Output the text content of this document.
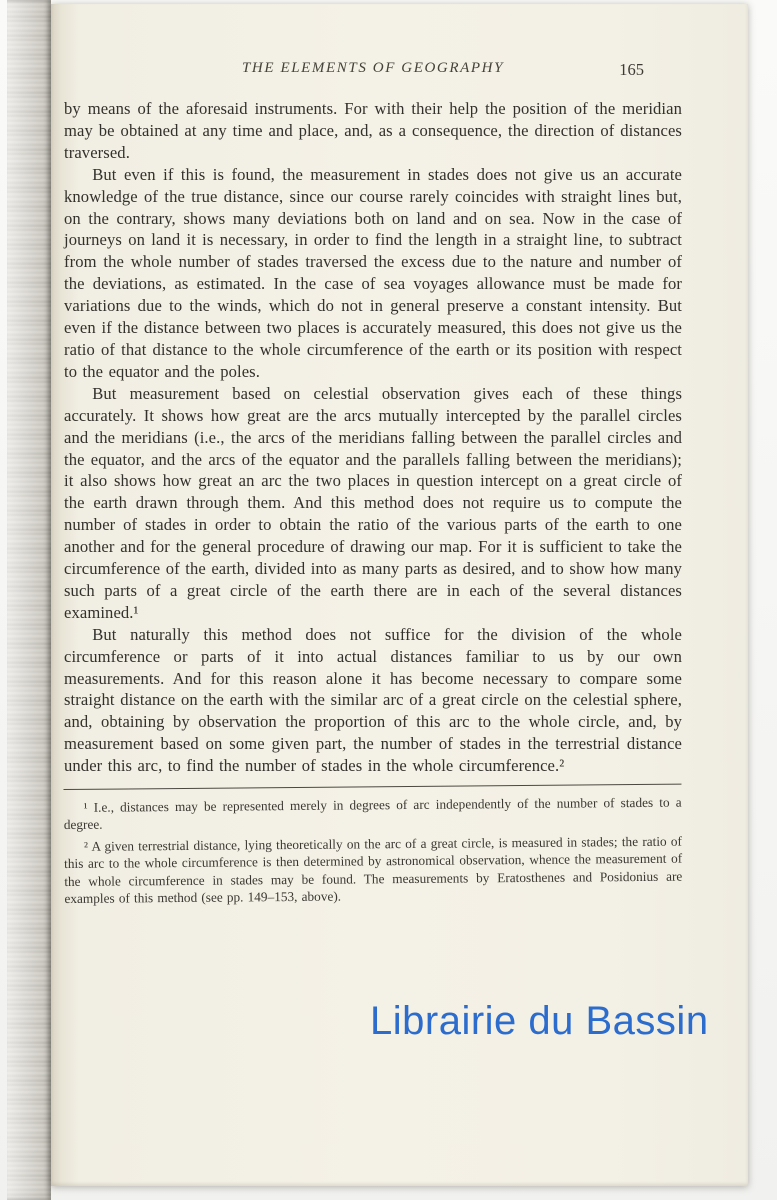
THE ELEMENTS OF GEOGRAPHY	165

by means of the aforesaid instruments. For with their help the position of the meridian may be obtained at any time and place, and, as a consequence, the direction of distances traversed.

But even if this is found, the measurement in stades does not give us an accurate knowledge of the true distance, since our course rarely coincides with straight lines but, on the contrary, shows many deviations both on land and on sea. Now in the case of journeys on land it is necessary, in order to find the length in a straight line, to subtract from the whole number of stades traversed the excess due to the nature and number of the deviations, as estimated. In the case of sea voyages allowance must be made for variations due to the winds, which do not in general preserve a constant intensity. But even if the distance between two places is accurately measured, this does not give us the ratio of that distance to the whole circumference of the earth or its position with respect to the equator and the poles.

But measurement based on celestial observation gives each of these things accurately. It shows how great are the arcs mutually intercepted by the parallel circles and the meridians (i.e., the arcs of the meridians falling between the parallel circles and the equator, and the arcs of the equator and the parallels falling between the meridians); it also shows how great an arc the two places in question intercept on a great circle of the earth drawn through them. And this method does not require us to compute the number of stades in order to obtain the ratio of the various parts of the earth to one another and for the general procedure of drawing our map. For it is sufficient to take the circumference of the earth, divided into as many parts as desired, and to show how many such parts of a great circle of the earth there are in each of the several distances examined.¹

But naturally this method does not suffice for the division of the whole circumference or parts of it into actual distances familiar to us by our own measurements. And for this reason alone it has become necessary to compare some straight distance on the earth with the similar arc of a great circle on the celestial sphere, and, obtaining by observation the proportion of this arc to the whole circle, and, by measurement based on some given part, the number of stades in the terrestrial distance under this arc, to find the number of stades in the whole circumference.²

¹ I.e., distances may be represented merely in degrees of arc independently of the number of stades to a degree.

² A given terrestrial distance, lying theoretically on the arc of a great circle, is measured in stades; the ratio of this arc to the whole circumference is then determined by astronomical observation, whence the measurement of the whole circumference in stades may be found. The measurements by Eratosthenes and Posidonius are examples of this method (see pp. 149–153, above).

Librairie du Bassin
